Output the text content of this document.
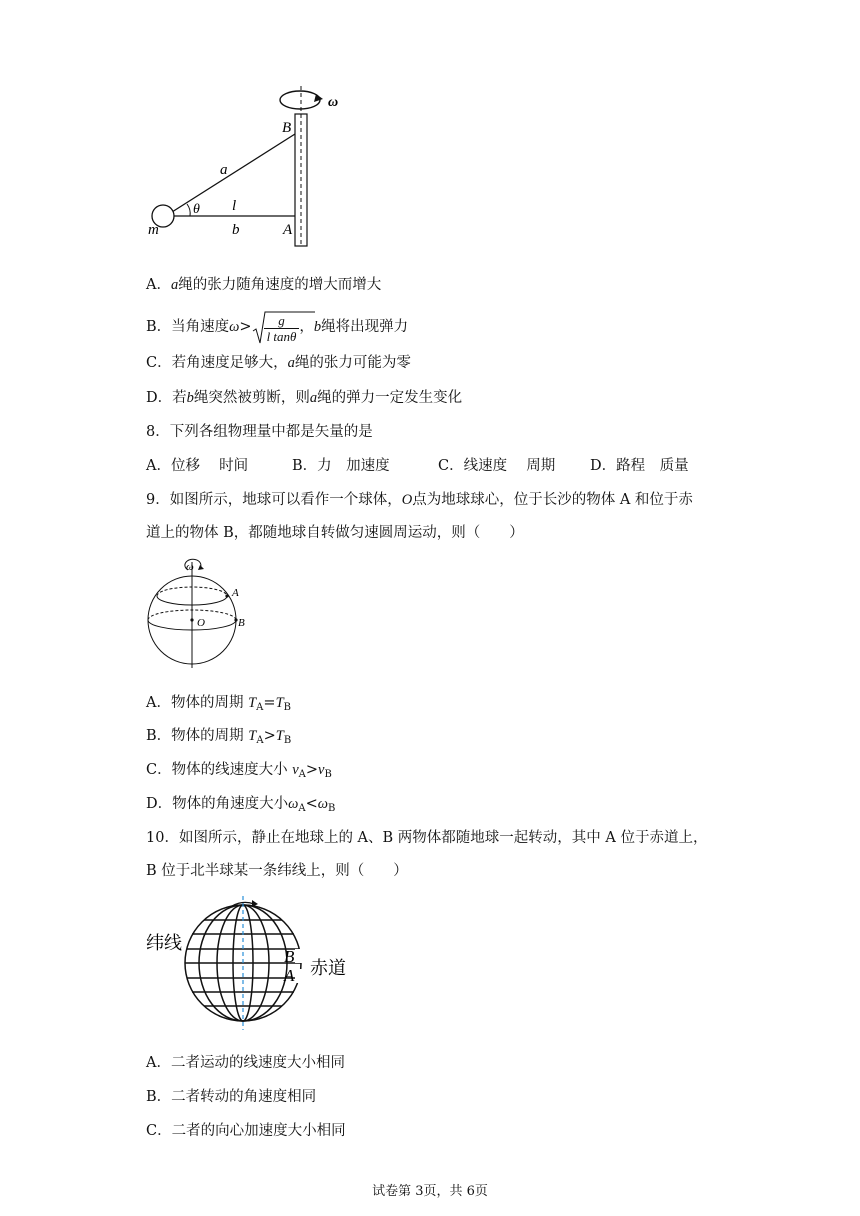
ω
B
A
a
l
θ
m	b
A．a绳的张力随角速度的增大而增大
B．当角速度 $\omega > \frac{g}{\text{l tanθ}}$ ， b 绳将出现弹力
C．若角速度足够大，a绳的张力可能为零
D．若b绳突然被剪断，则a绳的弹力一定发生变化
8．下列各组物理量中都是矢量的是
A．位移　 时间	B．力　加速度	C．线速度　 周期 D．路程　质量
9．如图所示，地球可以看作一个球体，O点为地球球心，位于长沙的物体 A 和位于赤
道上的物体 B，都随地球自转做匀速圆周运动，则（　　）
ω
A
O	B
A．物体的周期 $T_A=T_B$
B．物体的周期 $T_A>T_B$
C．物体的线速度大小 $v_A>v_B$
D．物体的角速度大小$\omega_A<\omega_B$
10．如图所示，静止在地球上的 A、B 两物体都随地球一起转动，其中 A 位于赤道上，
B 位于北半球某一条纬线上，则（　　）
B
A
纬线
赤道
A．二者运动的线速度大小相同
B．二者转动的角速度相同
C．二者的向心加速度大小相同
试卷第 3页，共 6页
